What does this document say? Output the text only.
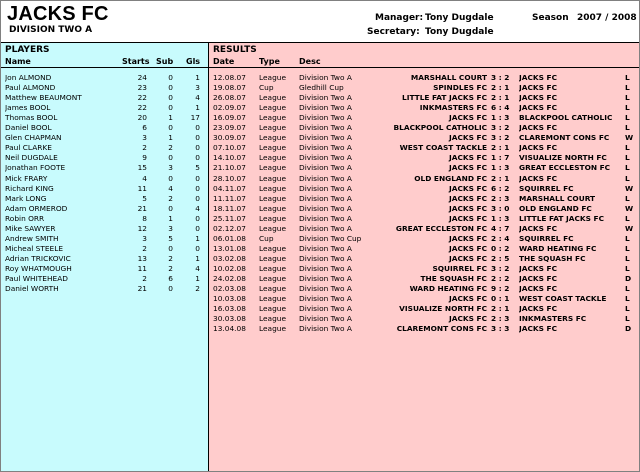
JACKS FC
DIVISION TWO A
Manager: Tony Dugdale
Secretary: Tony Dugdale
Season 2007 / 2008
PLAYERS
Name	Starts Sub Gls
Jon ALMOND	24	0	1
Paul ALMOND	23	0	3
Matthew BEAUMONT	22	0	4
James BOOL	22	0	1
Thomas BOOL	20	1	17
Daniel BOOL	6	0	0
Glen CHAPMAN	3	1	0
Paul CLARKE	2	2	0
Neil DUGDALE	9	0	0
Jonathan FOOTE	15	3	5
Mick FRARY	4	0	0
Richard KING	11	4	0
Mark LONG	5	2	0
Adam ORMEROD	21	0	4
Robin ORR	8	1	0
Mike SAWYER	12	3	0
Andrew SMITH	3	5	1
Micheal STEELE	2	0	0
Adrian TRICKOVIC	13	2	1
Roy WHATMOUGH	11	2	4
Paul WHITEHEAD	2	6	1
Daniel WORTH	21	0	2
RESULTS
Date	Type Desc
12.08.07	League	Division Two A	MARSHALL COURT 3 : 2	JACKS FC	L
19.08.07	Cup	Gledhill Cup	SPINDLES FC 2 : 1	JACKS FC	L
26.08.07	League	Division Two A	LITTLE FAT JACKS FC 2 : 1	JACKS FC	L
02.09.07	League	Division Two A	INKMASTERS FC 6 : 4	JACKS FC	L
16.09.07	League	Division Two A	JACKS FC 1 : 3	BLACKPOOL CATHOLIC	L
23.09.07	League	Division Two A	BLACKPOOL CATHOLIC 3 : 2	JACKS FC	L
30.09.07	League	Division Two A	JACKS FC 3 : 2	CLAREMONT CONS FC	W
07.10.07	League	Division Two A	WEST COAST TACKLE 2 : 1	JACKS FC	L
14.10.07	League	Division Two A	JACKS FC 1 : 7	VISUALIZE NORTH FC	L
21.10.07	League	Division Two A	JACKS FC 1 : 3	GREAT ECCLESTON FC	L
28.10.07	League	Division Two A	OLD ENGLAND FC 2 : 1	JACKS FC	L
04.11.07	League	Division Two A	JACKS FC 6 : 2	SQUIRREL FC	W
11.11.07	League	Division Two A	JACKS FC 2 : 3	MARSHALL COURT	L
18.11.07	League	Division Two A	JACKS FC 3 : 0	OLD ENGLAND FC	W
25.11.07	League	Division Two A	JACKS FC 1 : 3	LITTLE FAT JACKS FC	L
02.12.07	League	Division Two A	GREAT ECCLESTON FC 4 : 7	JACKS FC	W
06.01.08	Cup	Division Two Cup	JACKS FC 2 : 4	SQUIRREL FC	L
13.01.08	League	Division Two A	JACKS FC 0 : 2	WARD HEATING FC	L
03.02.08	League	Division Two A	JACKS FC 2 : 5	THE SQUASH FC	L
10.02.08	League	Division Two A	SQUIRREL FC 3 : 2	JACKS FC	L
24.02.08	League	Division Two A	THE SQUASH FC 2 : 2	JACKS FC	D
02.03.08	League	Division Two A	WARD HEATING FC 9 : 2	JACKS FC	L
10.03.08	League	Division Two A	JACKS FC 0 : 1	WEST COAST TACKLE	L
16.03.08	League	Division Two A	VISUALIZE NORTH FC 2 : 1	JACKS FC	L
30.03.08	League	Division Two A	JACKS FC 2 : 3	INKMASTERS FC	L
13.04.08	League	Division Two A	CLAREMONT CONS FC 3 : 3	JACKS FC	D
